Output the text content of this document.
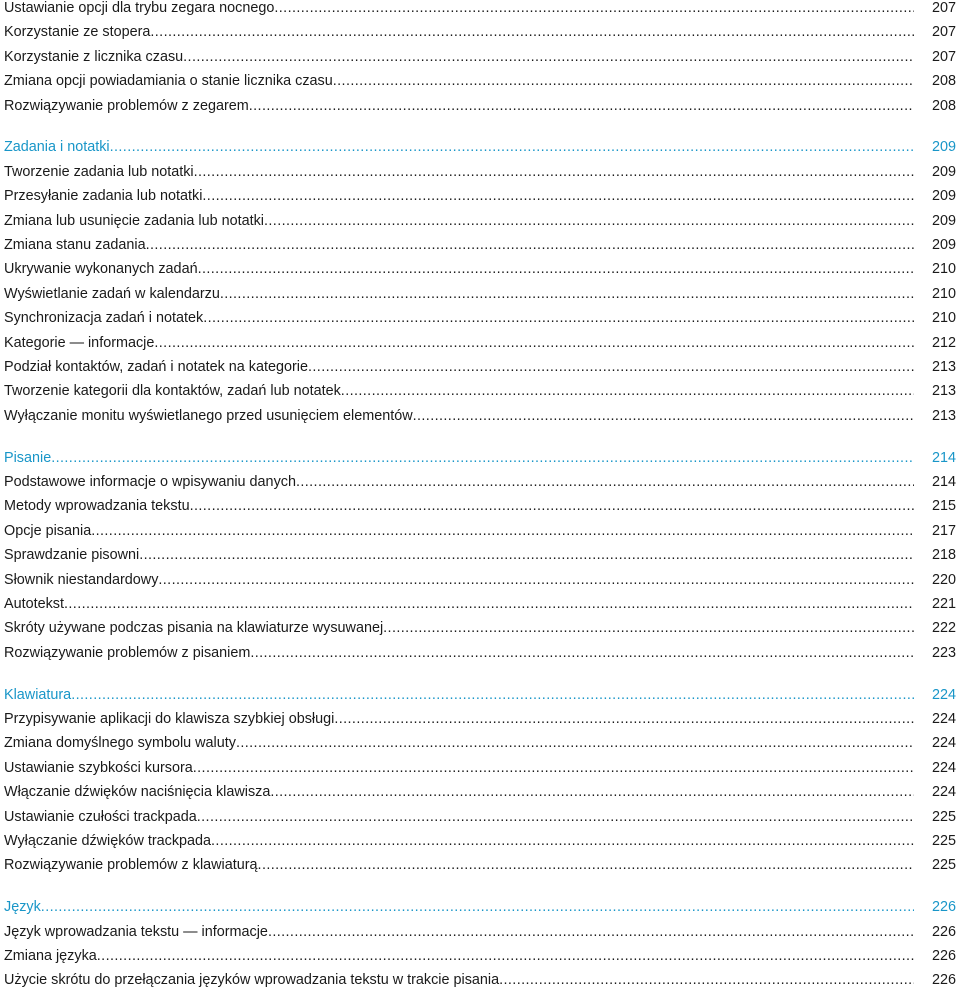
Ustawianie opcji dla trybu zegara nocnego .....	207
Korzystanie ze stopera .....	207
Korzystanie z licznika czasu .....	207
Zmiana opcji powiadamiania o stanie licznika czasu .....	208
Rozwiązywanie problemów z zegarem .....	208
Zadania i notatki .....	209
Tworzenie zadania lub notatki .....	209
Przesyłanie zadania lub notatki .....	209
Zmiana lub usunięcie zadania lub notatki .....	209
Zmiana stanu zadania .....	209
Ukrywanie wykonanych zadań .....	210
Wyświetlanie zadań w kalendarzu .....	210
Synchronizacja zadań i notatek .....	210
Kategorie — informacje .....	212
Podział kontaktów, zadań i notatek na kategorie .....	213
Tworzenie kategorii dla kontaktów, zadań lub notatek .....	213
Wyłączanie monitu wyświetlanego przed usunięciem elementów .....	213
Pisanie .....	214
Podstawowe informacje o wpisywaniu danych .....	214
Metody wprowadzania tekstu .....	215
Opcje pisania .....	217
Sprawdzanie pisowni .....	218
Słownik niestandardowy .....	220
Autotekst .....	221
Skróty używane podczas pisania na klawiaturze wysuwanej .....	222
Rozwiązywanie problemów z pisaniem .....	223
Klawiatura .....	224
Przypisywanie aplikacji do klawisza szybkiej obsługi .....	224
Zmiana domyślnego symbolu waluty .....	224
Ustawianie szybkości kursora .....	224
Włączanie dźwięków naciśnięcia klawisza .....	224
Ustawianie czułości trackpada .....	225
Wyłączanie dźwięków trackpada .....	225
Rozwiązywanie problemów z klawiaturą .....	225
Język .....	226
Język wprowadzania tekstu — informacje .....	226
Zmiana języka .....	226
Użycie skrótu do przełączania języków wprowadzania tekstu w trakcie pisania .....	226
